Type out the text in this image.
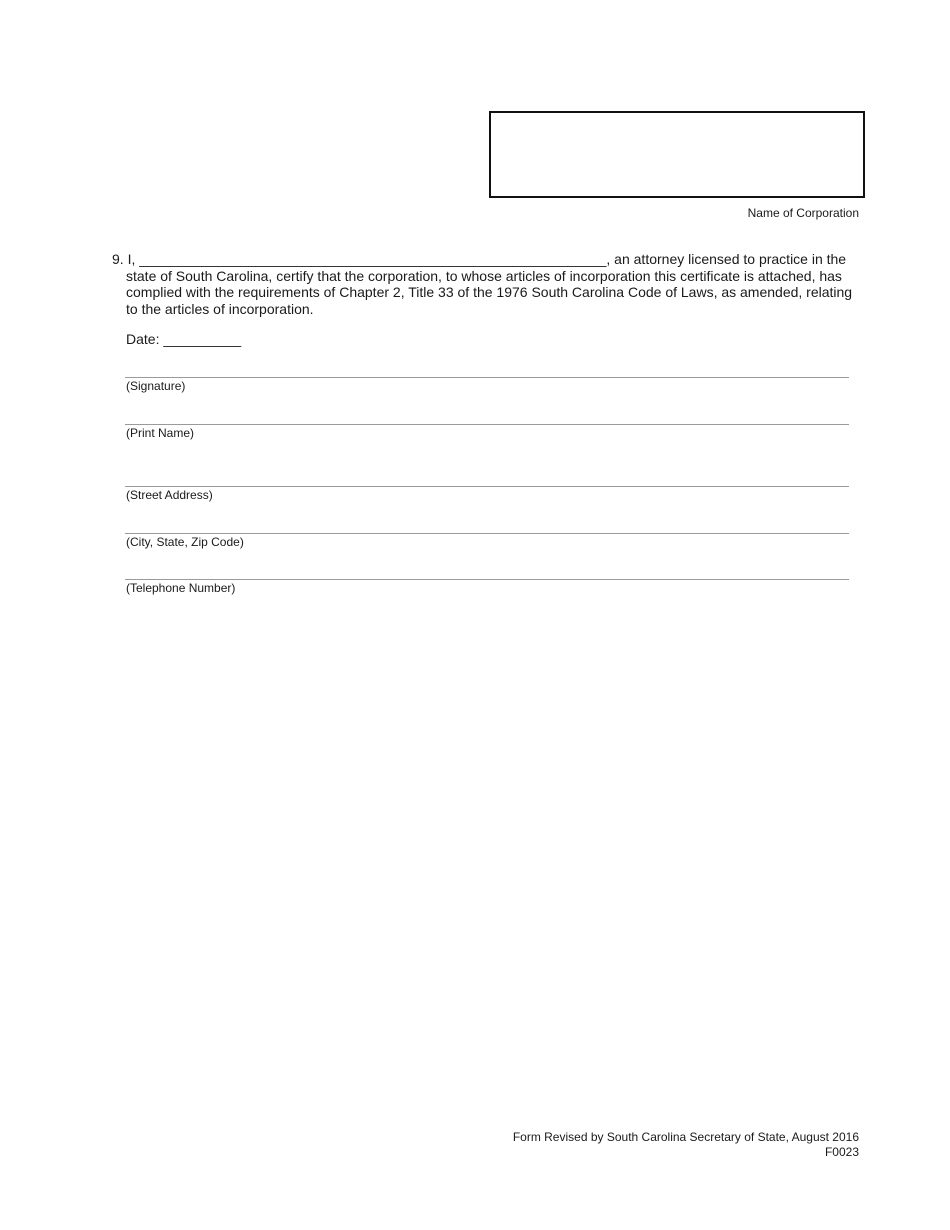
Name of Corporation
9. I, ____________________________________________________________, an attorney licensed to practice in the
state of South Carolina, certify that the corporation, to whose articles of incorporation this certificate is attached, has complied with the requirements of Chapter 2, Title 33 of the 1976 South Carolina Code of Laws, as amended, relating to the articles of incorporation.
Date: __________
(Signature)
(Print Name)
(Street Address)
(City, State, Zip Code)
(Telephone Number)
Form Revised by South Carolina Secretary of State, August 2016
F0023
